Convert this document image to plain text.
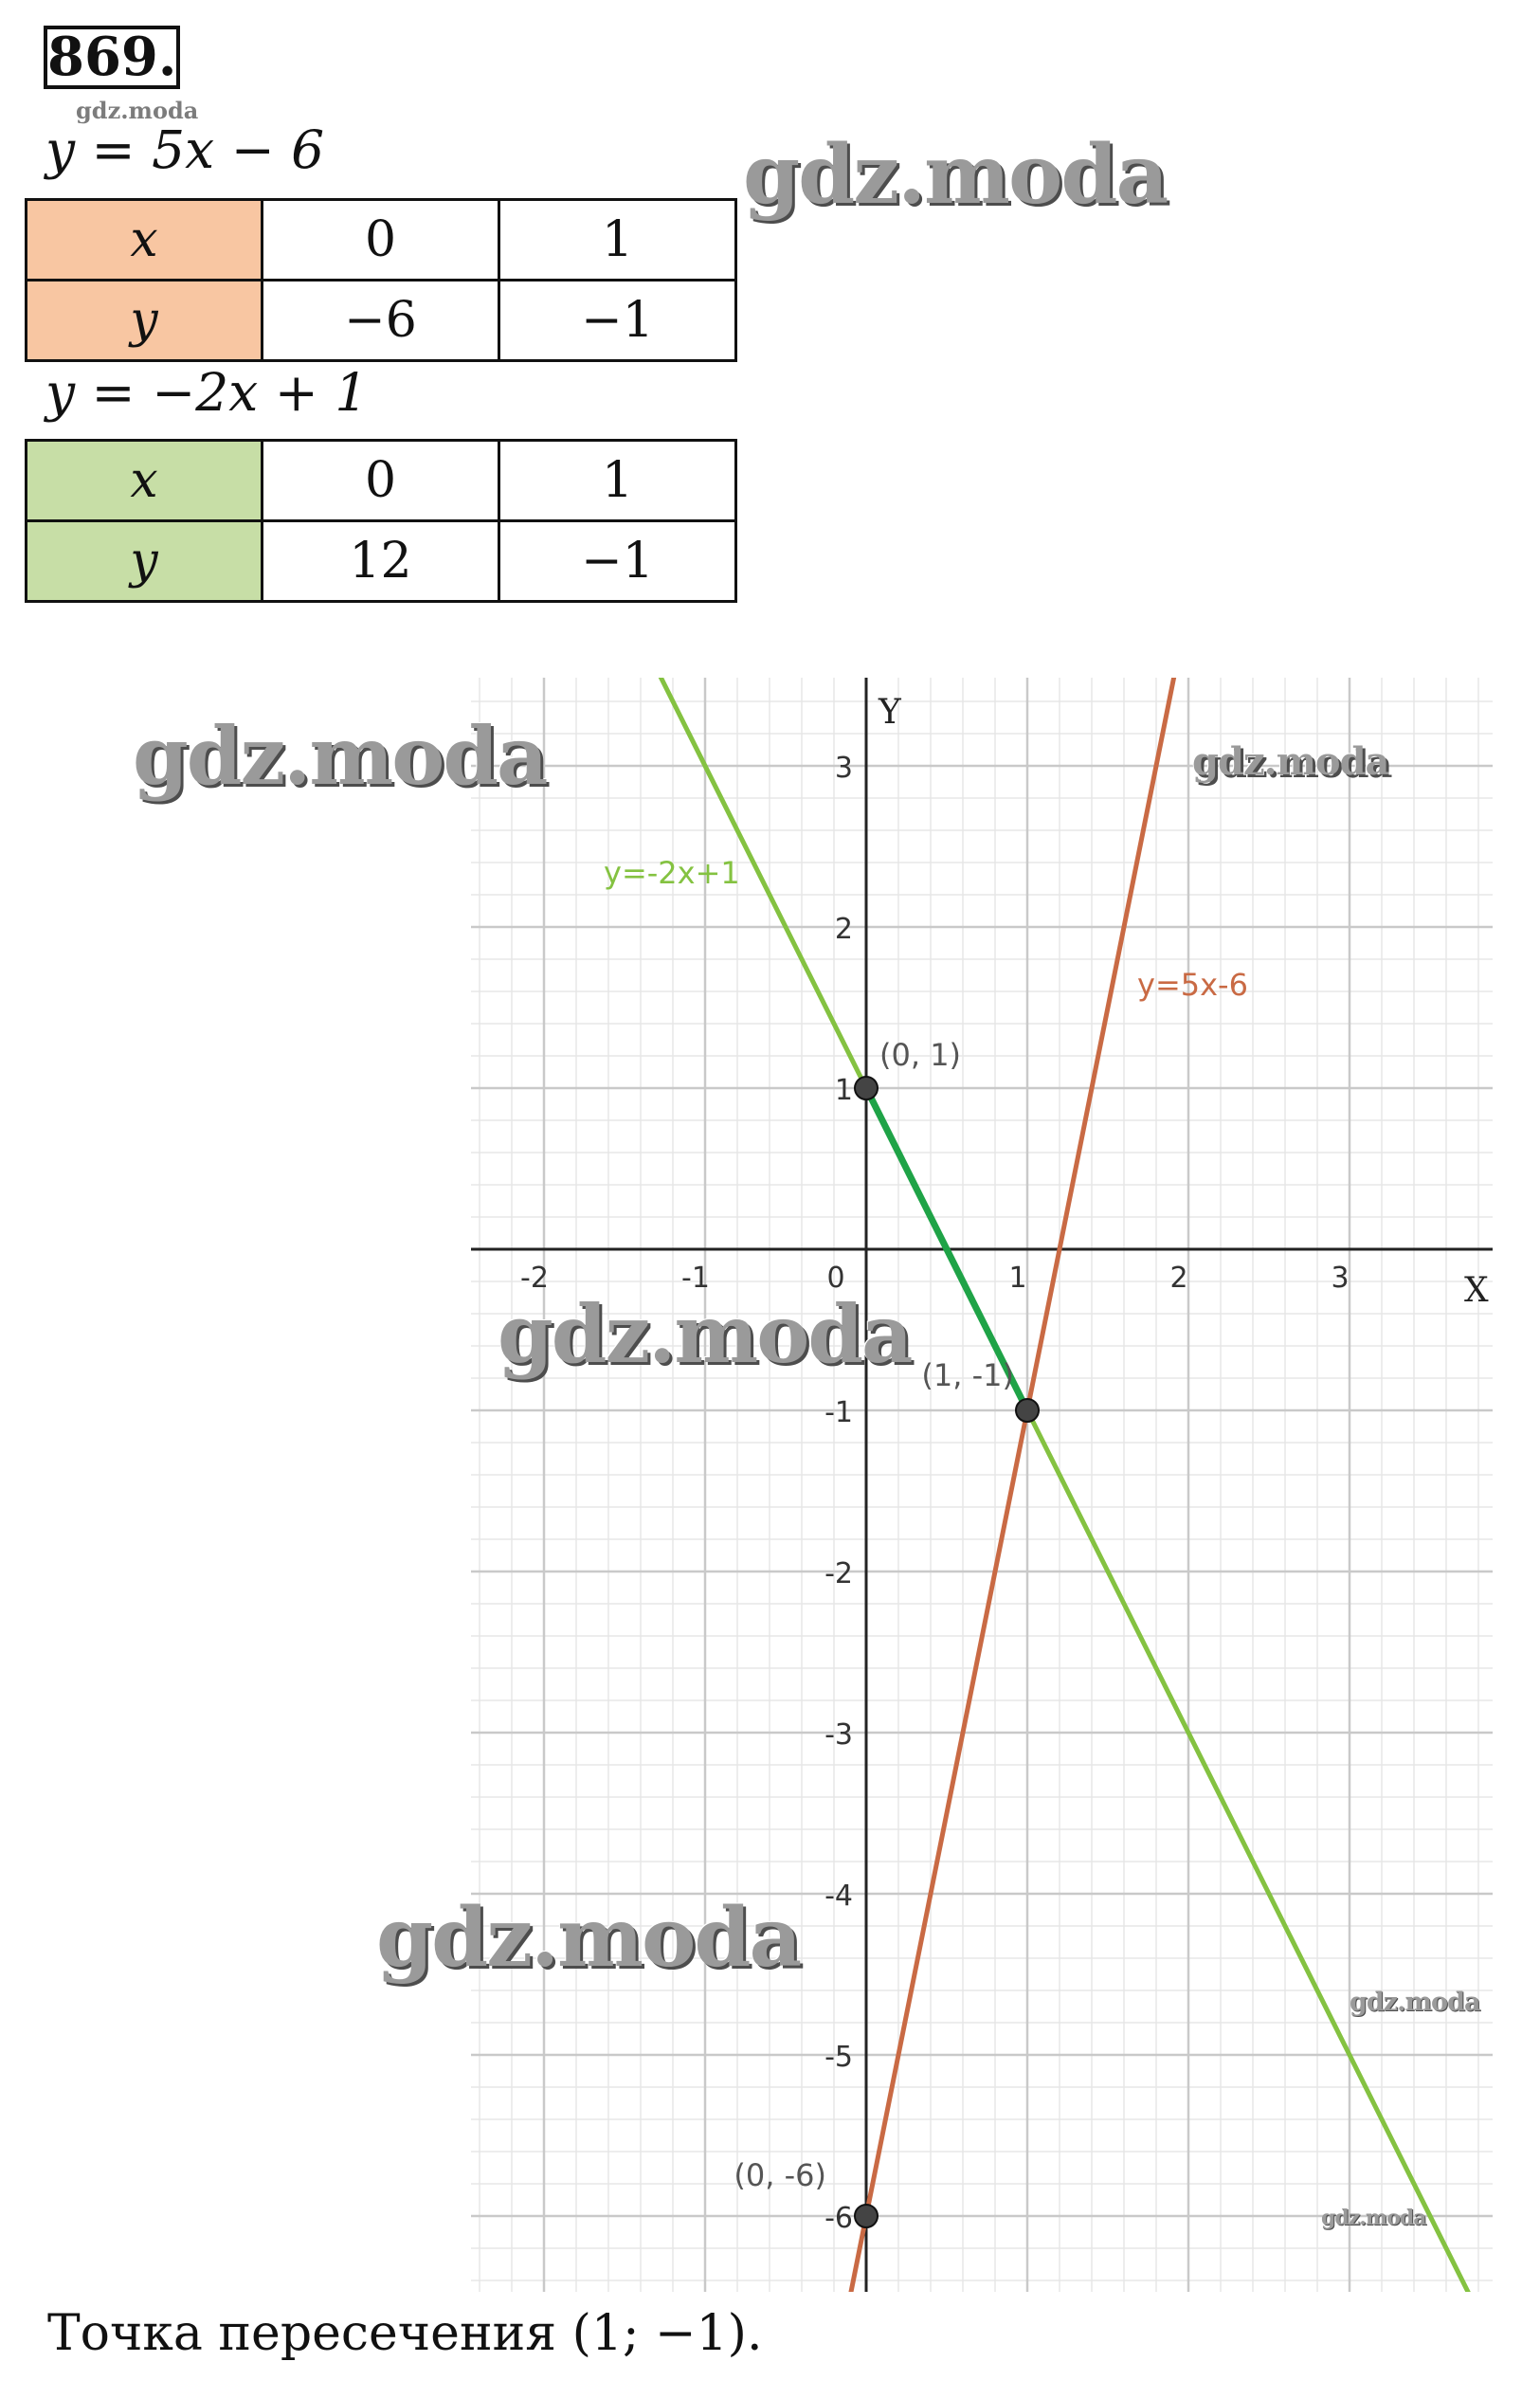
869.
gdz.moda
y = 5x − 6
x	0	1
y	−6	−1
y = −2x + 1
x	0	1
y	12	−1
-2	-1	0	1	2	3
3
2
1
-1
-2
-3
-4
-5
-6
X
Y
y=5x-6
y=-2x+1
(0, 1)
(1, -1)
(0, -6)
gdz.moda
gdz.moda	gdz.moda
gdz.moda
gdz.moda
gdz.moda
gdz.moda
Точка пересечения (1; −1).
